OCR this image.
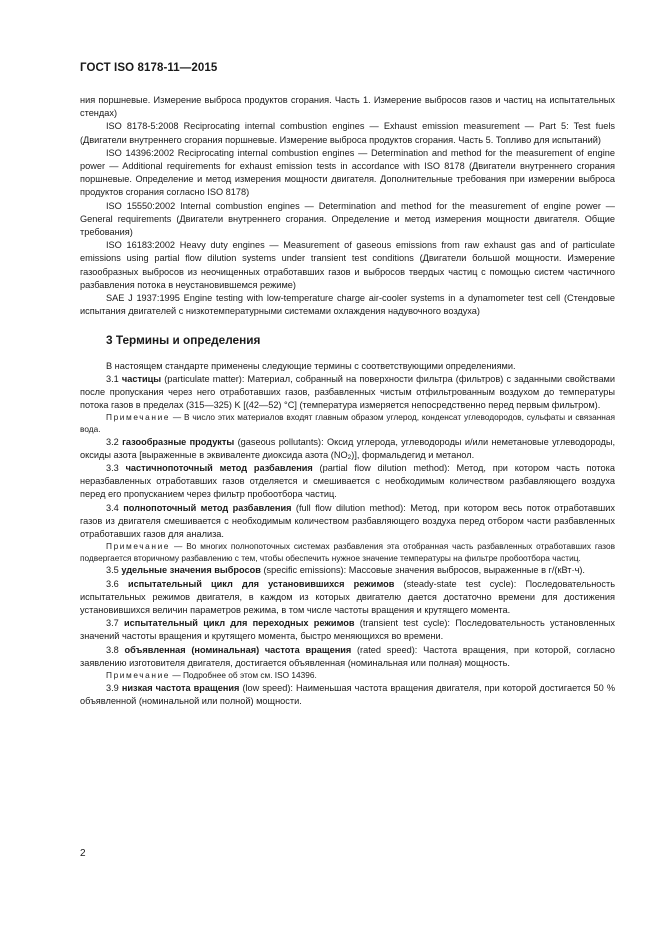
ГОСТ ISO 8178-11—2015

ния поршневые. Измерение выброса продуктов сгорания. Часть 1. Измерение выбросов газов и частиц на испытательных стендах)

ISO 8178-5:2008 Reciprocating internal combustion engines — Exhaust emission measurement — Part 5: Test fuels (Двигатели внутреннего сгорания поршневые. Измерение выброса продуктов сгорания. Часть 5. Топливо для испытаний)

ISO 14396:2002 Reciprocating internal combustion engines — Determination and method for the measurement of engine power — Additional requirements for exhaust emission tests in accordance with ISO 8178 (Двигатели внутреннего сгорания поршневые. Определение и метод измерения мощности двигателя. Дополнительные требования при измерении выброса продуктов сгорания согласно ISO 8178)

ISO 15550:2002 Internal combustion engines — Determination and method for the measurement of engine power — General requirements (Двигатели внутреннего сгорания. Определение и метод измерения мощности двигателя. Общие требования)

ISO 16183:2002 Heavy duty engines — Measurement of gaseous emissions from raw exhaust gas and of particulate emissions using partial flow dilution systems under transient test conditions (Двигатели большой мощности. Измерение газообразных выбросов из неочищенных отработавших газов и выбросов твердых частиц с помощью систем частичного разбавления потока в неустановившемся режиме)

SAE J 1937:1995 Engine testing with low-temperature charge air-cooler systems in a dynamometer test cell (Стендовые испытания двигателей с низкотемпературными системами охлаждения надувочного воздуха)

3 Термины и определения

В настоящем стандарте применены следующие термины с соответствующими определениями.

3.1 частицы (particulate matter): Материал, собранный на поверхности фильтра (фильтров) с заданными свойствами после пропускания через него отработавших газов, разбавленных чистым отфильтрованным воздухом до температуры потока газов в пределах (315—325) K [(42—52) °C] (температура измеряется непосредственно перед первым фильтром).

Примечание — В число этих материалов входят главным образом углерод, конденсат углеводородов, сульфаты и связанная вода.

3.2 газообразные продукты (gaseous pollutants): Оксид углерода, углеводороды и/или неметановые углеводороды, оксиды азота [выраженные в эквиваленте диоксида азота $(NO_2)$], формальдегид и метанол.

3.3 частичнопоточный метод разбавления (partial flow dilution method): Метод, при котором часть потока неразбавленных отработавших газов отделяется и смешивается с необходимым количеством разбавляющего воздуха перед его пропусканием через фильтр пробоотбора частиц.

3.4 полнопоточный метод разбавления (full flow dilution method): Метод, при котором весь поток отработавших газов из двигателя смешивается с необходимым количеством разбавляющего воздуха перед отбором части разбавленных отработавших газов для анализа.

Примечание — Во многих полнопоточных системах разбавления эта отобранная часть разбавленных отработавших газов подвергается вторичному разбавлению с тем, чтобы обеспечить нужное значение температуры на фильтре пробоотбора частиц.

3.5 удельные значения выбросов (specific emissions): Массовые значения выбросов, выраженные в г/(кВт·ч).

3.6 испытательный цикл для установившихся режимов (steady-state test cycle): Последовательность испытательных режимов двигателя, в каждом из которых двигателю дается достаточно времени для достижения установившихся величин параметров режима, в том числе частоты вращения и крутящего момента.

3.7 испытательный цикл для переходных режимов (transient test cycle): Последовательность установленных значений частоты вращения и крутящего момента, быстро меняющихся во времени.

3.8 объявленная (номинальная) частота вращения (rated speed): Частота вращения, при которой, согласно заявлению изготовителя двигателя, достигается объявленная (номинальная или полная) мощность.

Примечание — Подробнее об этом см. ISO 14396.

3.9 низкая частота вращения (low speed): Наименьшая частота вращения двигателя, при которой достигается 50 % объявленной (номинальной или полной) мощности.

2
